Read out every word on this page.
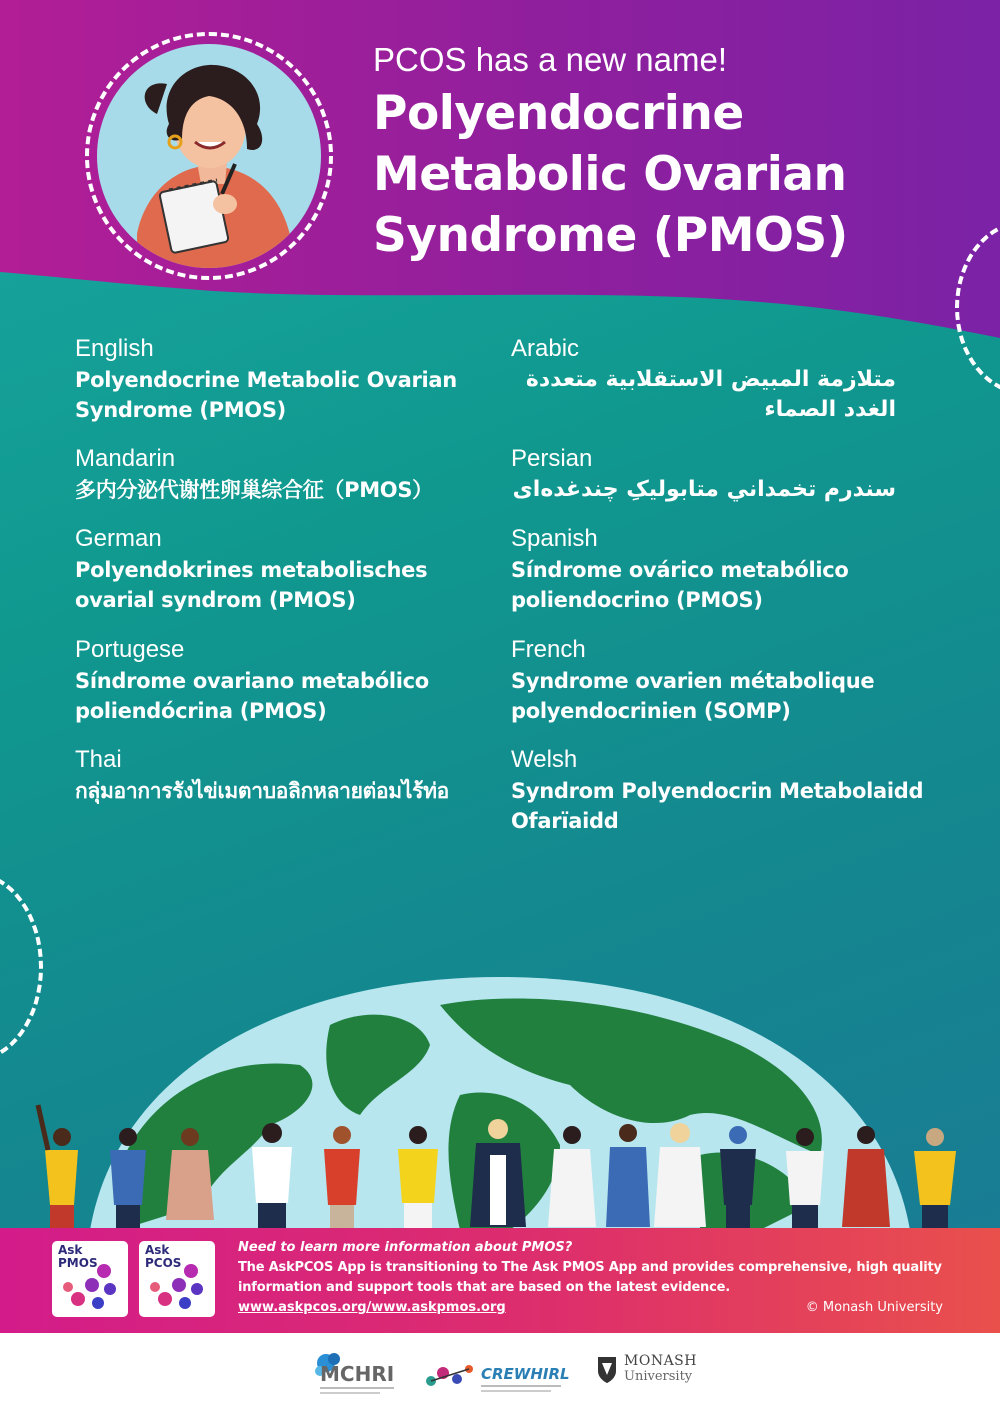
PCOS has a new name!
Polyendocrine
Metabolic Ovarian
Syndrome (PMOS)
English
Polyendocrine Metabolic Ovarian Syndrome (PMOS)
Arabic
متلازمة المبيض الاستقلابية متعددة الغدد الصماء
Mandarin
多内分泌代谢性卵巢综合征（PMOS）
Persian
سندرم تخمداني متابوليکِ چندغده‌ای
German
Polyendokrines metabolisches ovarial syndrom (PMOS)
Spanish
Síndrome ovárico metabólico poliendocrino (PMOS)
Portugese
Síndrome ovariano metabólico poliendócrina (PMOS)
French
Syndrome ovarien métabolique polyendocrinien (SOMP)
Thai
กลุ่มอาการรังไข่เมตาบอลิกหลายต่อมไร้ท่อ
Welsh
Syndrom Polyendocrin Metabolaidd Ofarïaidd
Ask
PMOS
Ask
PCOS
Need to learn more information about PMOS?
The AskPCOS App is transitioning to The Ask PMOS App and provides comprehensive, high quality information and support tools that are based on the latest evidence.
www.askpcos.org/www.askpmos.org	© Monash University
MCHRI	CREWHIRL
MONASH
University
